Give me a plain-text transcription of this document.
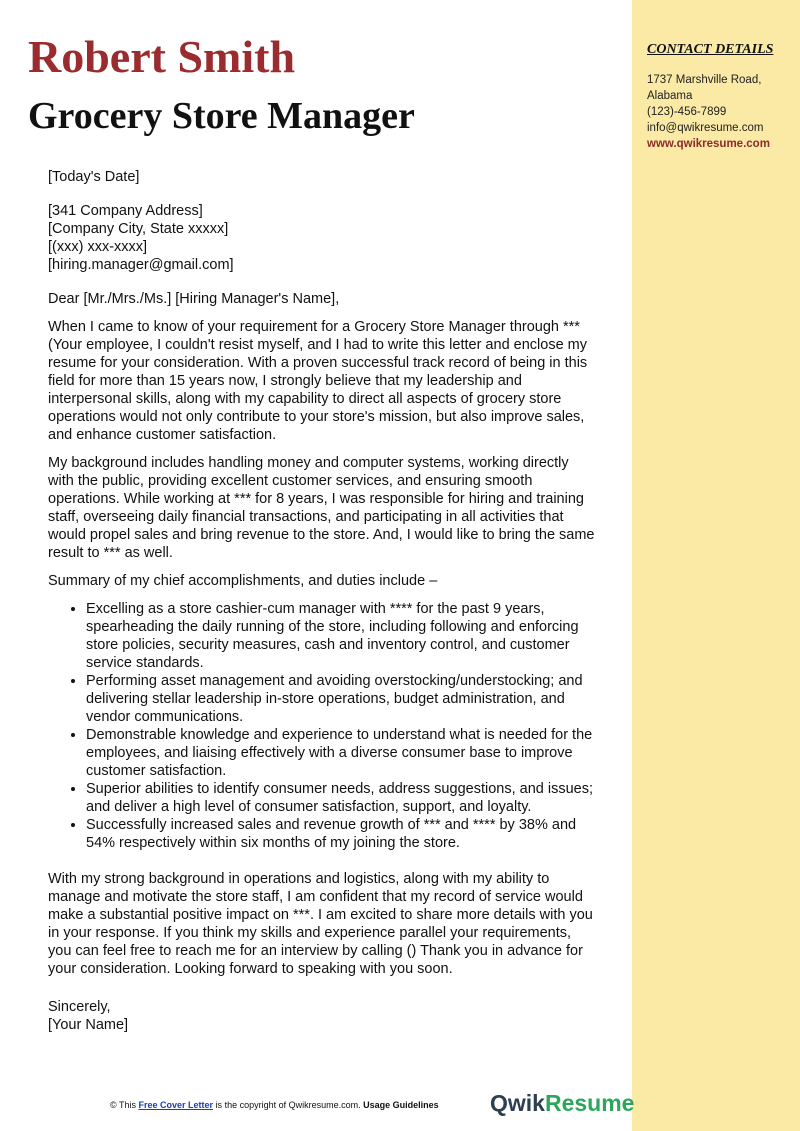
CONTACT DETAILS
1737 Marshville Road,
Alabama
(123)-456-7899
info@qwikresume.com
www.qwikresume.com
Robert Smith
Grocery Store Manager

[Today's Date]

[341 Company Address]
[Company City, State xxxxx]
[(xxx) xxx-xxxx]
[hiring.manager@gmail.com]

Dear [Mr./Mrs./Ms.] [Hiring Manager's Name],

When I came to know of your requirement for a Grocery Store Manager through *** (Your employee, I couldn't resist myself, and I had to write this letter and enclose my resume for your consideration. With a proven successful track record of being in this field for more than 15 years now, I strongly believe that my leadership and interpersonal skills, along with my capability to direct all aspects of grocery store operations would not only contribute to your store's mission, but also improve sales, and enhance customer satisfaction.

My background includes handling money and computer systems, working directly with the public, providing excellent customer services, and ensuring smooth operations. While working at *** for 8 years, I was responsible for hiring and training staff, overseeing daily financial transactions, and participating in all activities that would propel sales and bring revenue to the store. And, I would like to bring the same result to *** as well.

Summary of my chief accomplishments, and duties include –

• Excelling as a store cashier-cum manager with **** for the past 9 years, spearheading the daily running of the store, including following and enforcing store policies, security measures, cash and inventory control, and customer service standards.
• Performing asset management and avoiding overstocking/understocking; and delivering stellar leadership in-store operations, budget administration, and vendor communications.
• Demonstrable knowledge and experience to understand what is needed for the employees, and liaising effectively with a diverse consumer base to improve customer satisfaction.
• Superior abilities to identify consumer needs, address suggestions, and issues; and deliver a high level of consumer satisfaction, support, and loyalty.
• Successfully increased sales and revenue growth of *** and **** by 38% and 54% respectively within six months of my joining the store.

With my strong background in operations and logistics, along with my ability to manage and motivate the store staff, I am confident that my record of service would make a substantial positive impact on ***. I am excited to share more details with you in your response. If you think my skills and experience parallel your requirements, you can feel free to reach me for an interview by calling () Thank you in advance for your consideration. Looking forward to speaking with you soon.

Sincerely,
[Your Name]
© This Free Cover Letter is the copyright of Qwikresume.com. Usage Guidelines QwikResume
